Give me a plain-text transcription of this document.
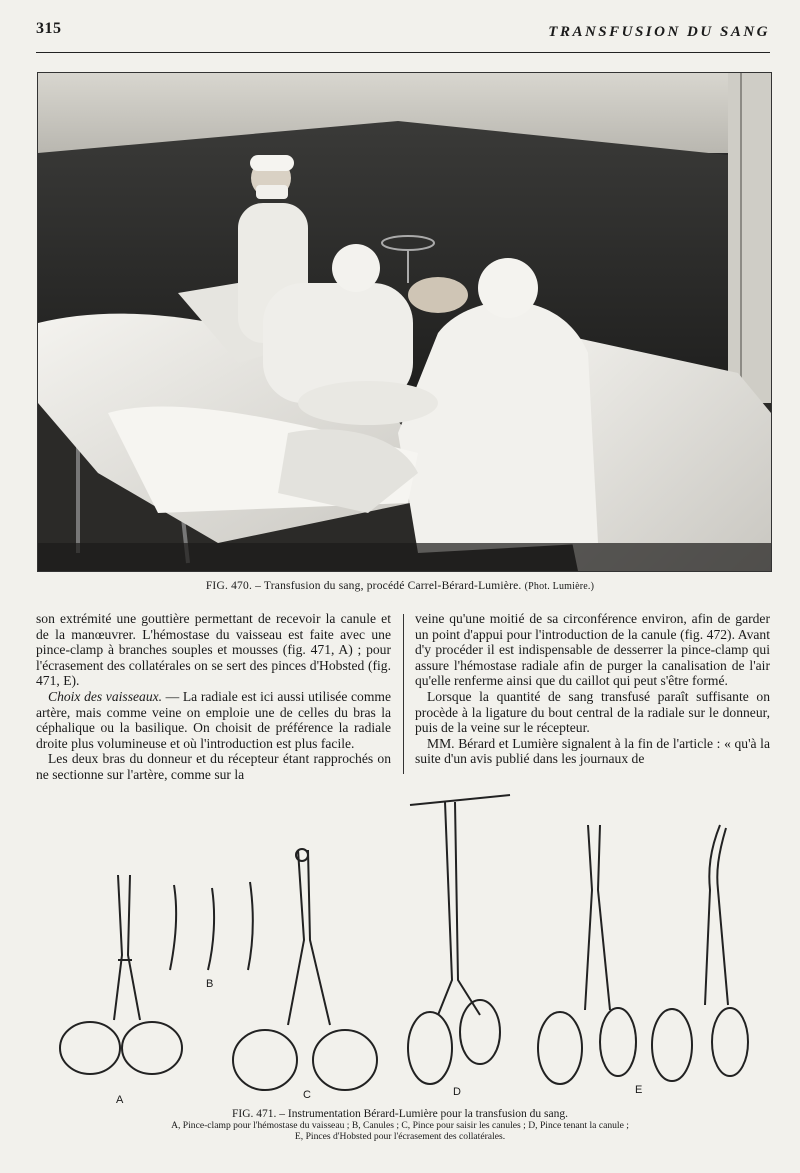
315	TRANSFUSION DU SANG
FIG. 470. – Transfusion du sang, procédé Carrel-Bérard-Lumière. (Phot. Lumière.)

son extrémité une gouttière permettant de recevoir la canule et de la manœuvrer. L'hémostase du vaisseau est faite avec une pince-clamp à branches souples et mousses (fig. 471, A) ; pour l'écrasement des collatérales on se sert des pinces d'Hobsted (fig. 471, E).

Choix des vaisseaux. — La radiale est ici aussi utilisée comme artère, mais comme veine on emploie une de celles du bras la céphalique ou la basilique. On choisit de préférence la radiale droite plus volumineuse et où l'introduction est plus facile.

Les deux bras du donneur et du récepteur étant rapprochés on ne sectionne sur l'artère, comme sur la

veine qu'une moitié de sa circonférence environ, afin de garder un point d'appui pour l'introduction de la canule (fig. 472). Avant d'y procéder il est indispensable de desserrer la pince-clamp qui assure l'hémostase radiale afin de purger la canalisation de l'air qu'elle renferme ainsi que du caillot qui peut s'être formé.

Lorsque la quantité de sang transfusé paraît suffisante on procède à la ligature du bout central de la radiale sur le donneur, puis de la veine sur le récepteur.

MM. Bérard et Lumière signalent à la fin de l'article : « qu'à la suite d'un avis publié dans les journaux de

A
B
C	D	E
FIG. 471. – Instrumentation Bérard-Lumière pour la transfusion du sang.
A, Pince-clamp pour l'hémostase du vaisseau ; B, Canules ; C, Pince pour saisir les canules ; D, Pince tenant la canule ;
E, Pinces d'Hobsted pour l'écrasement des collatérales.
